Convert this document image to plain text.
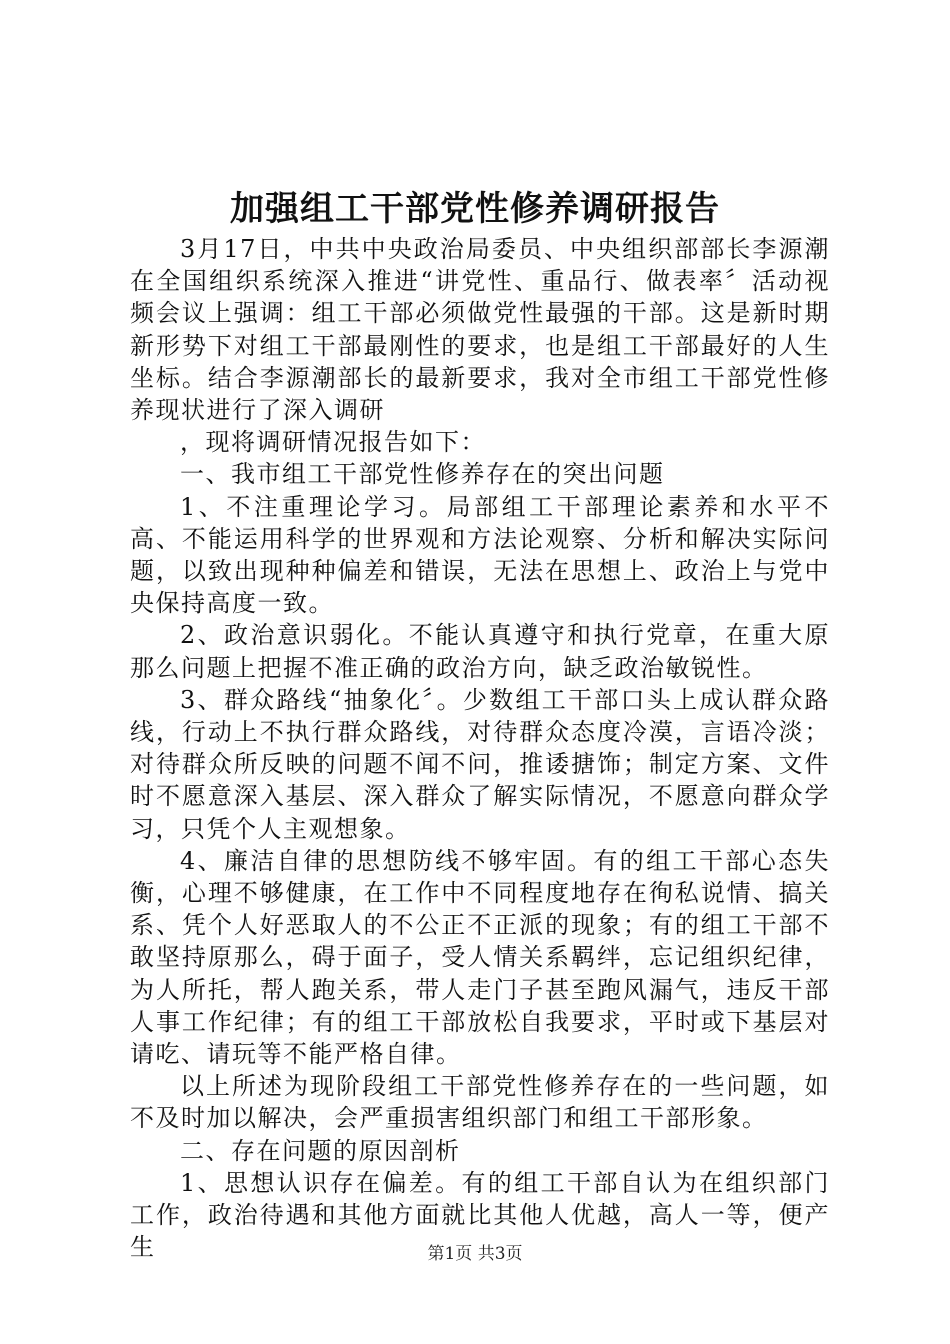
加强组工干部党性修养调研报告

3月17日，中共中央政治局委员、中央组织部部长李源潮在全国组织系统深入推进“讲党性、重品行、做表率〞活动视频会议上强调：组工干部必须做党性最强的干部。这是新时期新形势下对组工干部最刚性的要求，也是组工干部最好的人生坐标。结合李源潮部长的最新要求，我对全市组工干部党性修养现状进行了深入调研

，现将调研情况报告如下：

一、我市组工干部党性修养存在的突出问题

1、不注重理论学习。局部组工干部理论素养和水平不高、不能运用科学的世界观和方法论观察、分析和解决实际问题，以致出现种种偏差和错误，无法在思想上、政治上与党中央保持高度一致。

2、政治意识弱化。不能认真遵守和执行党章，在重大原那么问题上把握不准正确的政治方向，缺乏政治敏锐性。

3、群众路线“抽象化〞。少数组工干部口头上成认群众路线，行动上不执行群众路线，对待群众态度冷漠，言语冷淡；对待群众所反映的问题不闻不问，推诿搪饰；制定方案、文件时不愿意深入基层、深入群众了解实际情况，不愿意向群众学习，只凭个人主观想象。

4、廉洁自律的思想防线不够牢固。有的组工干部心态失衡，心理不够健康，在工作中不同程度地存在徇私说情、搞关系、凭个人好恶取人的不公正不正派的现象；有的组工干部不敢坚持原那么，碍于面子，受人情关系羁绊，忘记组织纪律，为人所托，帮人跑关系，带人走门子甚至跑风漏气，违反干部人事工作纪律；有的组工干部放松自我要求，平时或下基层对请吃、请玩等不能严格自律。

以上所述为现阶段组工干部党性修养存在的一些问题，如不及时加以解决，会严重损害组织部门和组工干部形象。

二、存在问题的原因剖析

1、思想认识存在偏差。有的组工干部自认为在组织部门工作，政治待遇和其他方面就比其他人优越，高人一等，便产生	第1页 共3页
